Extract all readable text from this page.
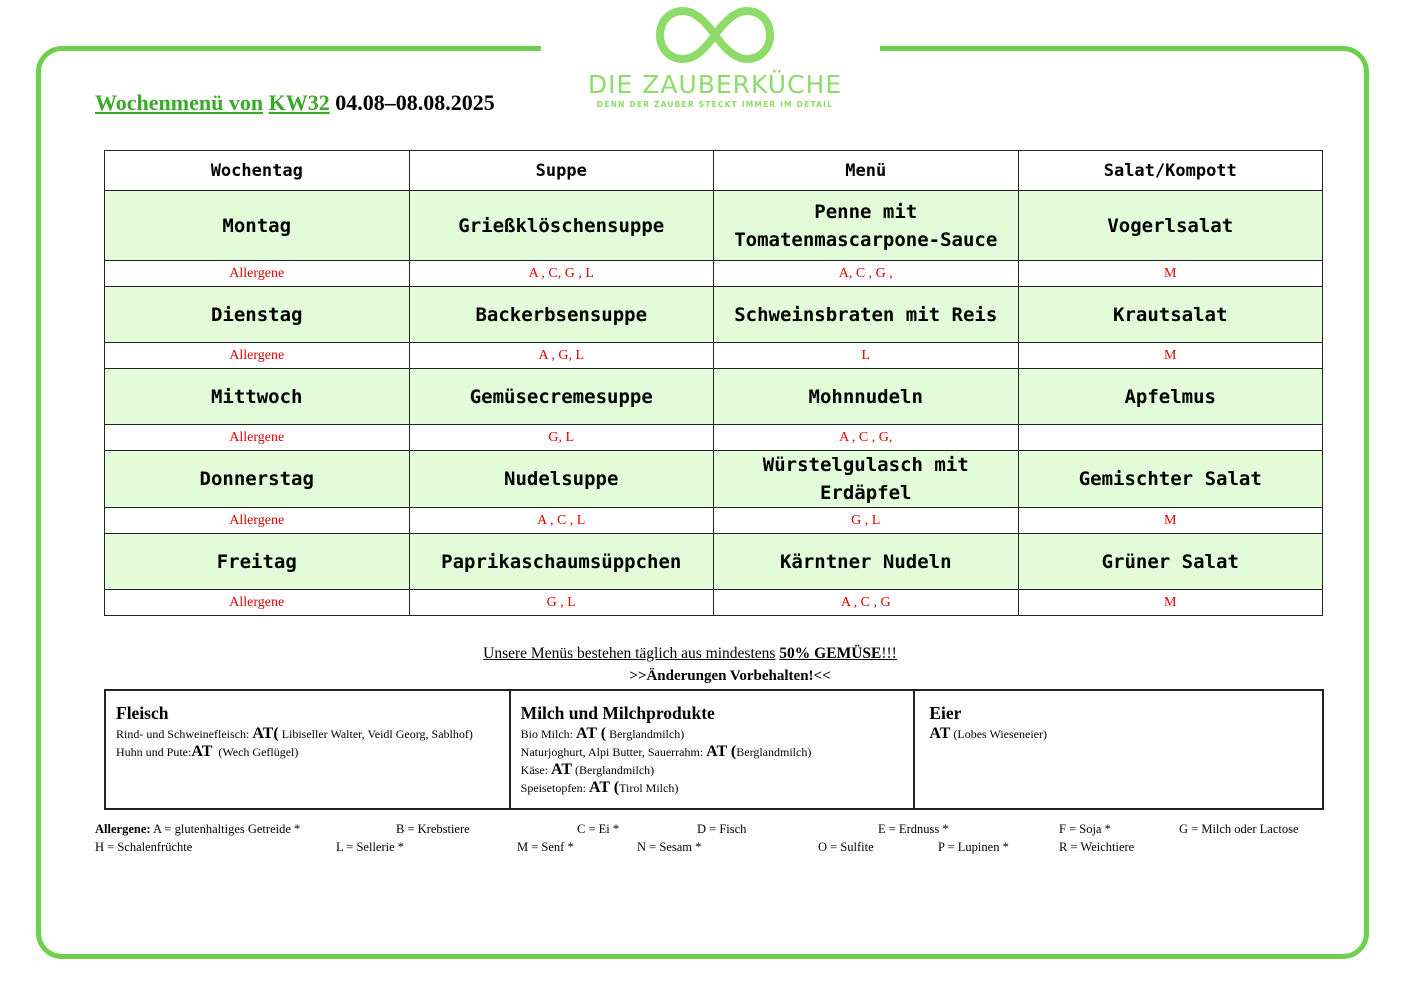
DIE ZAUBERKÜCHE
DENN DER ZAUBER STECKT IMMER IM DETAIL
Wochenmenü von KW32 04.08–08.08.2025
Wochentag	Suppe	Menü	Salat/Kompott
Montag	Grießklöschensuppe	Penne mit Tomatenmascarpone-Sauce	Vogerlsalat
Allergene	A , C, G , L	A, C , G ,	M
Dienstag	Backerbsensuppe	Schweinsbraten mit Reis	Krautsalat
Allergene	A , G, L	L	M
Mittwoch	Gemüsecremesuppe	Mohnnudeln	Apfelmus
Allergene	G, L	A , C , G,	
Donnerstag	Nudelsuppe	Würstelgulasch mit Erdäpfel	Gemischter Salat
Allergene	A , C , L	G , L	M
Freitag	Paprikaschaumsüppchen	Kärntner Nudeln	Grüner Salat
Allergene	G , L	A , C , G	M
Unsere Menüs bestehen täglich aus mindestens 50% GEMÜSE!!!
>>Änderungen Vorbehalten!<<
Fleisch
Rind- und Schweinefleisch: AT( Libiseller Walter, Veidl Georg, Sablhof)
Huhn und Pute:AT  (Wech Geflügel)
Milch und Milchprodukte
Bio Milch: AT ( Berglandmilch)
Naturjoghurt, Alpi Butter, Sauerrahm: AT (Berglandmilch)
Käse: AT (Berglandmilch)
Speisetopfen: AT (Tirol Milch)
Eier
AT (Lobes Wieseneier)
Allergene: A = glutenhaltiges Getreide *	B = Krebstiere	C = Ei *	D = Fisch	E = Erdnuss *	F = Soja *	G = Milch oder Lactose
H = Schalenfrüchte	L = Sellerie *	M = Senf *	N = Sesam *	O = Sulfite	P = Lupinen *	R = Weichtiere
